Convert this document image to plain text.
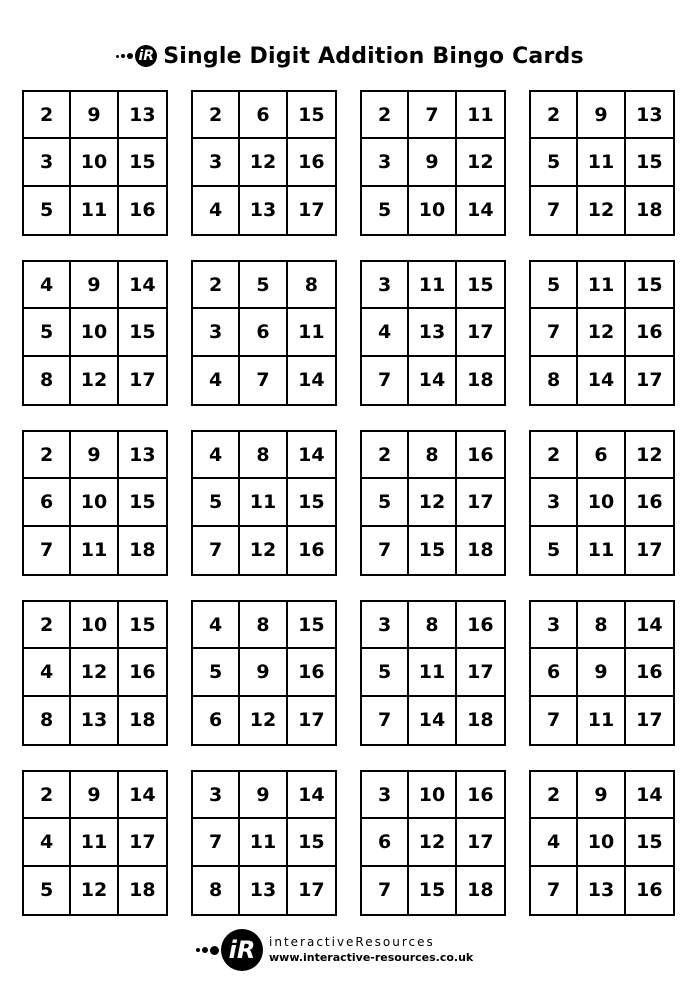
iR Single Digit Addition Bingo Cards
2	9	13
3	10	15
5	11	16
2	6	15
3	12	16
4	13	17
2	7	11
3	9	12
5	10	14
2	9	13
5	11	15
7	12	18
4	9	14
5	10	15
8	12	17
2	5	8
3	6	11
4	7	14
3	11	15
4	13	17
7	14	18
5	11	15
7	12	16
8	14	17
2	9	13
6	10	15
7	11	18
4	8	14
5	11	15
7	12	16
2	8	16
5	12	17
7	15	18
2	6	12
3	10	16
5	11	17
2	10	15
4	12	16
8	13	18
4	8	15
5	9	16
6	12	17
3	8	16
5	11	17
7	14	18
3	8	14
6	9	16
7	11	17
2	9	14
4	11	17
5	12	18
3	9	14
7	11	15
8	13	17
3	10	16
6	12	17
7	15	18
2	9	14
4	10	15
7	13	16
iR	interactiveResources
www.interactive-resources.co.uk
